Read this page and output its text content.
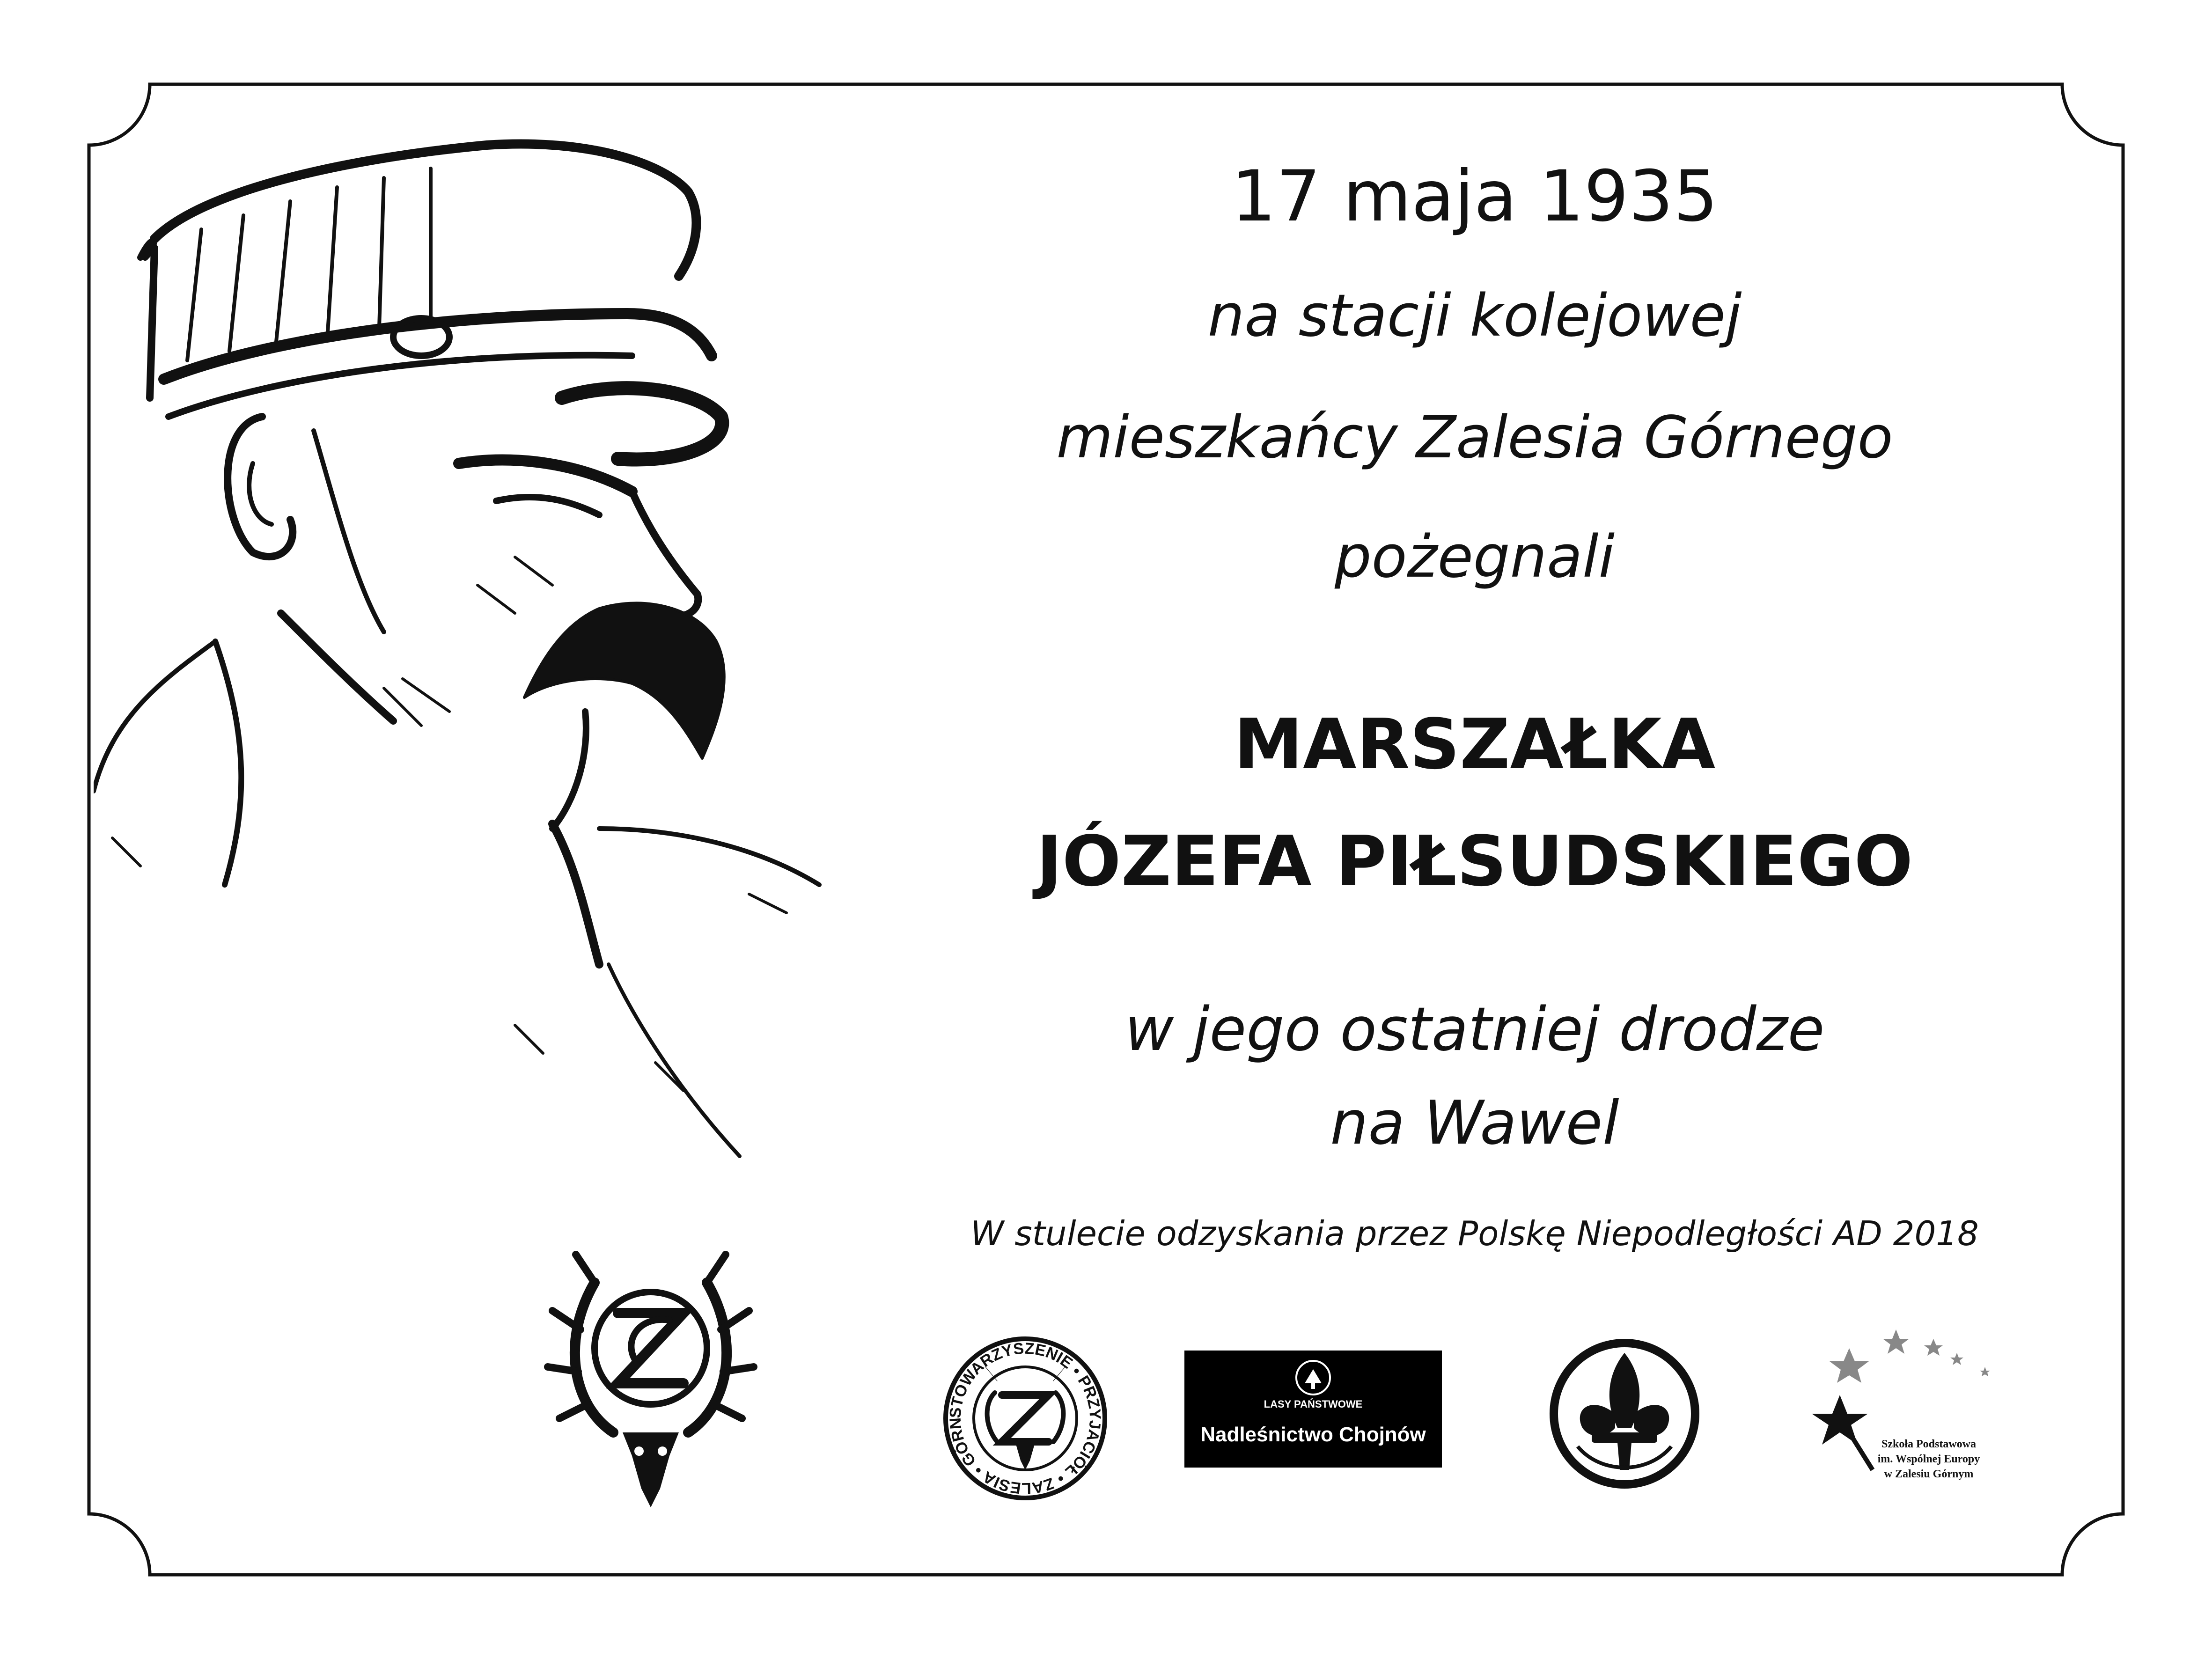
17 maja 1935
na stacji kolejowej
mieszkańcy Zalesia Górnego
pożegnali
MARSZAŁKA
JÓZEFA PIŁSUDSKIEGO
w jego ostatniej drodze
na Wawel
W stulecie odzyskania przez Polskę Niepodległości AD 2018
STOWARZYSZENIE • PRZYJACIÓŁ • ZALESIA • GÓRN
LASY PAŃSTWOWE
Nadleśnictwo Chojnów	Szkoła Podstawowa
im. Wspólnej Europy
w Zalesiu Górnym
